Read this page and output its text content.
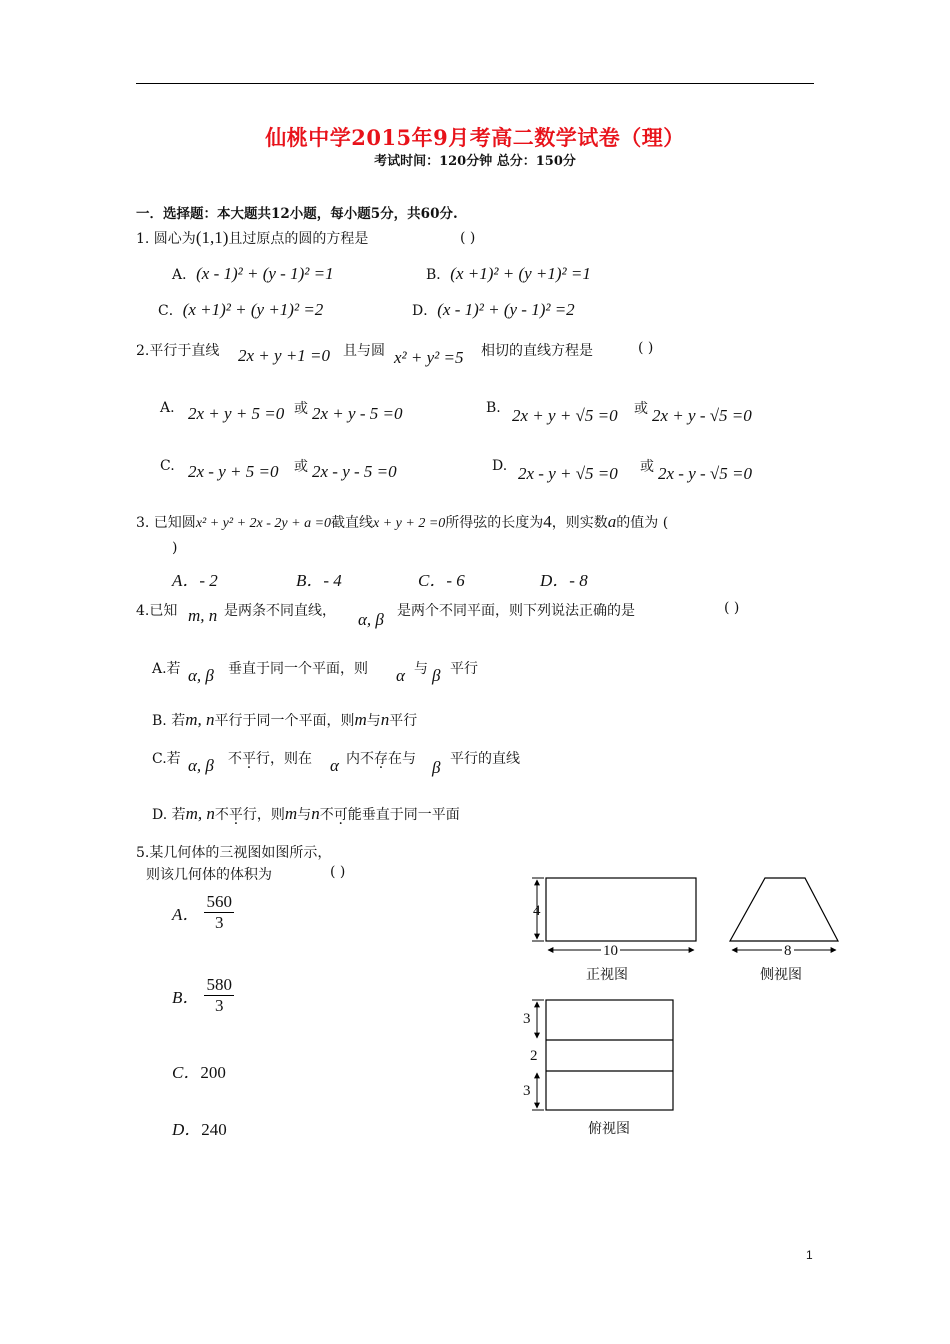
仙桃中学2015年9月考高二数学试卷（理）
考试时间：120分钟 总分：150分
一．选择题：本大题共12小题，每小题5分，共60分.
1. 圆心为(1,1)且过原点的圆的方程是	( )
A．(x - 1)² + (y - 1)² =1	B．(x +1)² + (y +1)² =1
C．(x +1)² + (y +1)² =2	D．(x - 1)² + (y - 1)² =2
2.平行于直线 2x + y +1 =0 且与圆 x² + y² =5 相切的直线方程是	( )
A. 2x + y + 5 =0 或 2x + y - 5 =0	B. 2x + y + √5 =0 或 2x + y - √5 =0
C. 2x - y + 5 =0 或 2x - y - 5 =0	D. 2x - y + √5 =0 或 2x - y - √5 =0
3. 已知圆x² + y² + 2x - 2y + a =0截直线x + y + 2 =0所得弦的长度为4，则实数a的值为 (
)
A．- 2	B．- 4	C．- 6	D．- 8
4.已知 m, n 是两条不同直线， α, β 是两个不同平面，则下列说法正确的是	( )
A.若 α, β 垂直于同一个平面，则 α 与 β 平行
B. 若m, n平行于同一个平面，则m与n平行
C.若 α, β 不平行，则在 α 内不存在与 β 平行的直线
D. 若m, n不平行，则m与n不可能垂直于同一平面
5.某几何体的三视图如图所示，
则该几何体的体积为	( )
A． $\frac{560}{3}$
B． $\frac{580}{3}$
C．200
D．240
4
10	8
正视图	侧视图
3
2
3
俯视图
1
